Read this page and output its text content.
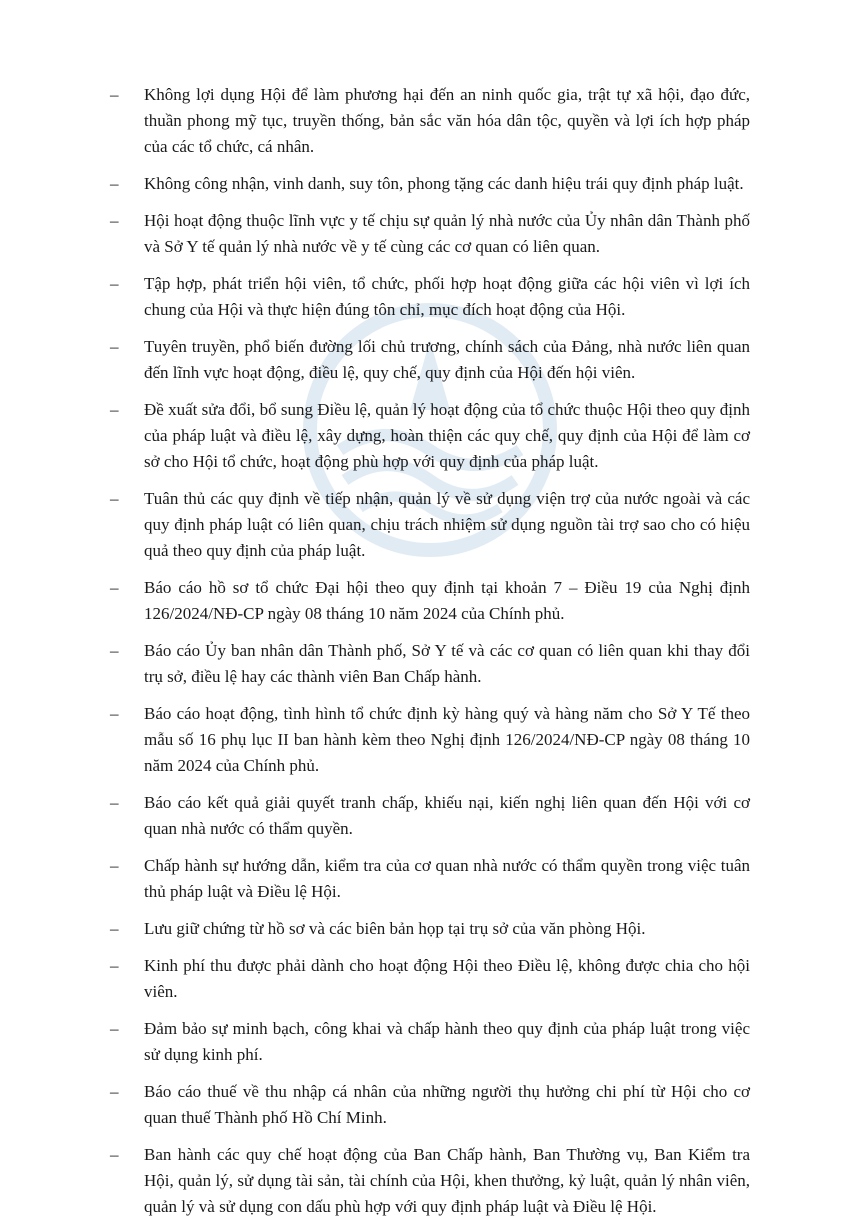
–	Không lợi dụng Hội để làm phương hại đến an ninh quốc gia, trật tự xã hội, đạo đức, thuần phong mỹ tục, truyền thống, bản sắc văn hóa dân tộc, quyền và lợi ích hợp pháp của các tổ chức, cá nhân.
–	Không công nhận, vinh danh, suy tôn, phong tặng các danh hiệu trái quy định pháp luật.
–	Hội hoạt động thuộc lĩnh vực y tế chịu sự quản lý nhà nước của Ủy nhân dân Thành phố và Sở Y tế quản lý nhà nước về y tế cùng các cơ quan có liên quan.
–	Tập hợp, phát triển hội viên, tổ chức, phối hợp hoạt động giữa các hội viên vì lợi ích chung của Hội và thực hiện đúng tôn chỉ, mục đích hoạt động của Hội.
–	Tuyên truyền, phổ biến đường lối chủ trương, chính sách của Đảng, nhà nước liên quan đến lĩnh vực hoạt động, điều lệ, quy chế, quy định của Hội đến hội viên.
–	Đề xuất sửa đổi, bổ sung Điều lệ, quản lý hoạt động của tổ chức thuộc Hội theo quy định của pháp luật và điều lệ, xây dựng, hoàn thiện các quy chế, quy định của Hội để làm cơ sở cho Hội tổ chức, hoạt động phù hợp với quy định của pháp luật.
–	Tuân thủ các quy định về tiếp nhận, quản lý về sử dụng viện trợ của nước ngoài và các quy định pháp luật có liên quan, chịu trách nhiệm sử dụng nguồn tài trợ sao cho có hiệu quả theo quy định của pháp luật.
–	Báo cáo hồ sơ tổ chức Đại hội theo quy định tại khoản 7 – Điều 19 của Nghị định 126/2024/NĐ-CP ngày 08 tháng 10 năm 2024 của Chính phủ.
–	Báo cáo Ủy ban nhân dân Thành phố, Sở Y tế và các cơ quan có liên quan khi thay đổi trụ sở, điều lệ hay các thành viên Ban Chấp hành.
–	Báo cáo hoạt động, tình hình tổ chức định kỳ hàng quý và hàng năm cho Sở Y Tế theo mẫu số 16 phụ lục II ban hành kèm theo Nghị định 126/2024/NĐ-CP ngày 08 tháng 10 năm 2024 của Chính phủ.
–	Báo cáo kết quả giải quyết tranh chấp, khiếu nại, kiến nghị liên quan đến Hội với cơ quan nhà nước có thẩm quyền.
–	Chấp hành sự hướng dẫn, kiểm tra của cơ quan nhà nước có thẩm quyền trong việc tuân thủ pháp luật và Điều lệ Hội.
–	Lưu giữ chứng từ hồ sơ và các biên bản họp tại trụ sở của văn phòng Hội.
–	Kinh phí thu được phải dành cho hoạt động Hội theo Điều lệ, không được chia cho hội viên.
–	Đảm bảo sự minh bạch, công khai và chấp hành theo quy định của pháp luật trong việc sử dụng kinh phí.
–	Báo cáo thuế về thu nhập cá nhân của những người thụ hưởng chi phí từ Hội cho cơ quan thuế Thành phố Hồ Chí Minh.
–	Ban hành các quy chế hoạt động của Ban Chấp hành, Ban Thường vụ, Ban Kiểm tra Hội, quản lý, sử dụng tài sản, tài chính của Hội, khen thưởng, kỷ luật, quản lý nhân viên, quản lý và sử dụng con dấu phù hợp với quy định pháp luật và Điều lệ Hội.
